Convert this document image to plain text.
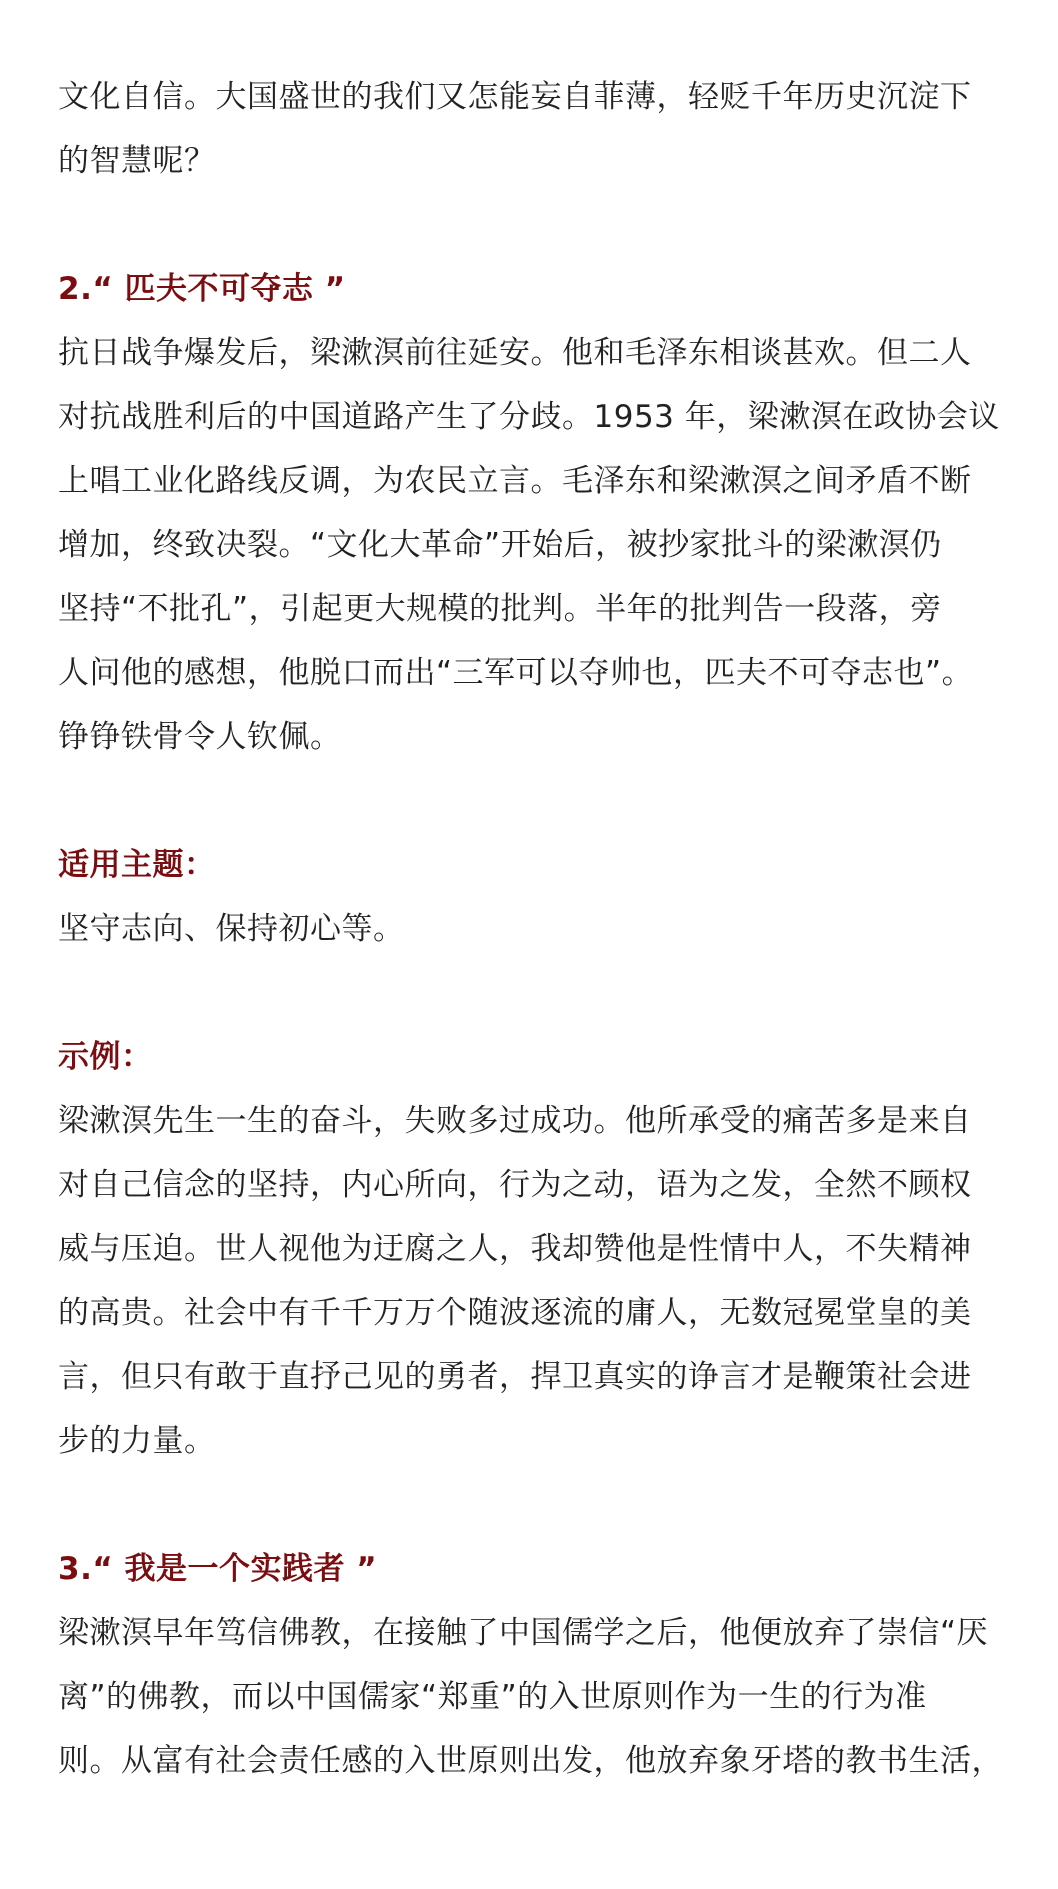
文化自信。大国盛世的我们又怎能妄自菲薄，轻贬千年历史沉淀下
的智慧呢？
2.“ 匹夫不可夺志 ”
抗日战争爆发后，梁漱溟前往延安。他和毛泽东相谈甚欢。但二人
对抗战胜利后的中国道路产生了分歧。1953 年，梁漱溟在政协会议
上唱工业化路线反调，为农民立言。毛泽东和梁漱溟之间矛盾不断
增加，终致决裂。“文化大革命”开始后，被抄家批斗的梁漱溟仍
坚持“不批孔”，引起更大规模的批判。半年的批判告一段落，旁
人问他的感想，他脱口而出“三军可以夺帅也，匹夫不可夺志也”。
铮铮铁骨令人钦佩。
适用主题：
坚守志向、保持初心等。
示例：
梁漱溟先生一生的奋斗，失败多过成功。他所承受的痛苦多是来自
对自己信念的坚持，内心所向，行为之动，语为之发，全然不顾权
威与压迫。世人视他为迂腐之人，我却赞他是性情中人，不失精神
的高贵。社会中有千千万万个随波逐流的庸人，无数冠冕堂皇的美
言，但只有敢于直抒己见的勇者，捍卫真实的诤言才是鞭策社会进
步的力量。
3.“ 我是一个实践者 ”
梁漱溟早年笃信佛教，在接触了中国儒学之后，他便放弃了崇信“厌
离”的佛教，而以中国儒家“郑重”的入世原则作为一生的行为准
则。从富有社会责任感的入世原则出发，他放弃象牙塔的教书生活，
